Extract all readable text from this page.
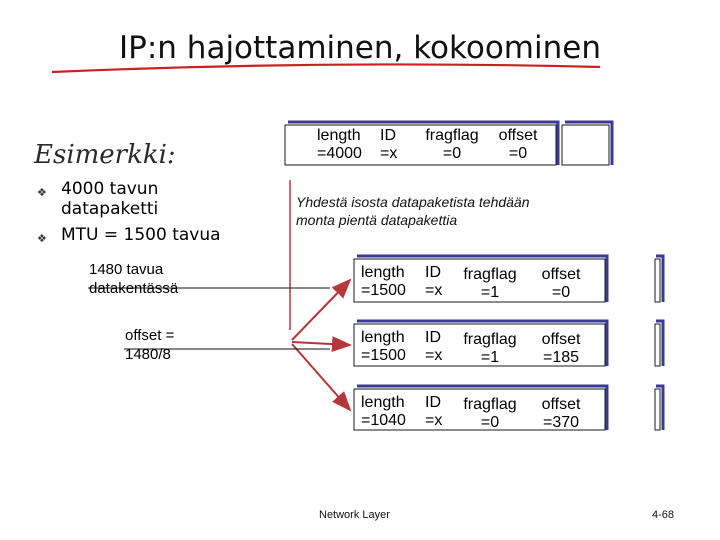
IP:n hajottaminen, kokoominen
Esimerkki:
❖ 4000 tavun datapaketti
❖ MTU = 1500 tavua
1480 tavua
datakentässä
offset =
1480/8
Yhdestä isosta datapaketista tehdään
monta pientä datapakettia
length
=4000
ID
=x
fragflag
=0
offset
=0
length
=1500
ID
=x
fragflag
=1
offset
=0
length
=1500
ID
=x
fragflag
=1
offset
=185
length
=1040
ID
=x
fragflag
=0
offset
=370
Network Layer	4-68
